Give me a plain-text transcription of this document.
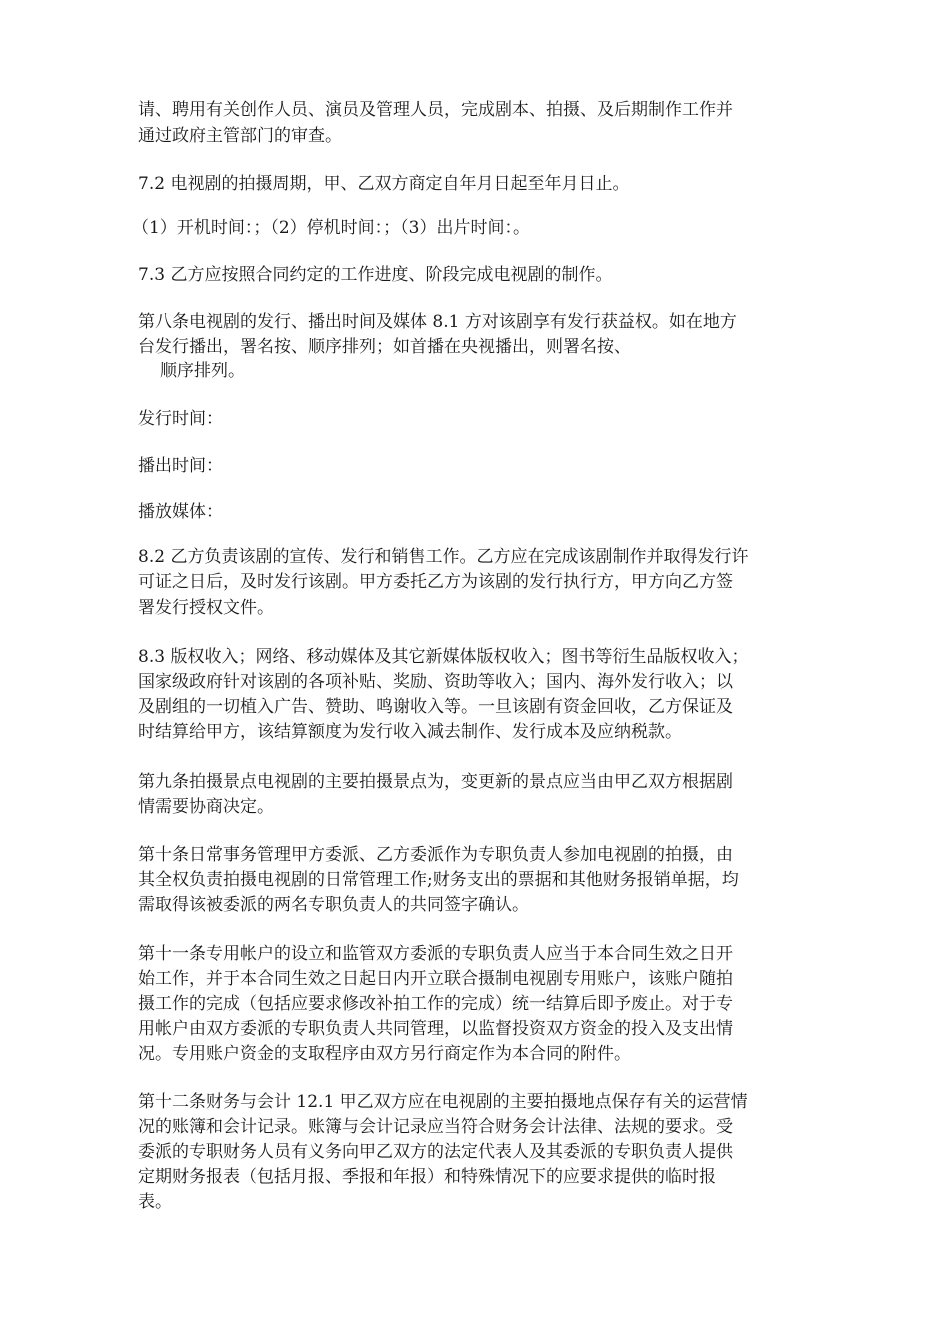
请、聘用有关创作人员、演员及管理人员，完成剧本、拍摄、及后期制作工作并
通过政府主管部门的审查。
7.2 电视剧的拍摄周期，甲、乙双方商定自年月日起至年月日止。
（1）开机时间：；（2）停机时间：；（3）出片时间：。
7.3 乙方应按照合同约定的工作进度、阶段完成电视剧的制作。
第八条电视剧的发行、播出时间及媒体 8.1 方对该剧享有发行获益权。如在地方
台发行播出，署名按、顺序排列；如首播在央视播出，则署名按、
顺序排列。
发行时间：
播出时间：
播放媒体：
8.2 乙方负责该剧的宣传、发行和销售工作。乙方应在完成该剧制作并取得发行许
可证之日后，及时发行该剧。甲方委托乙方为该剧的发行执行方，甲方向乙方签
署发行授权文件。
8.3 版权收入；网络、移动媒体及其它新媒体版权收入；图书等衍生品版权收入；
国家级政府针对该剧的各项补贴、奖励、资助等收入；国内、海外发行收入；以
及剧组的一切植入广告、赞助、鸣谢收入等。一旦该剧有资金回收，乙方保证及
时结算给甲方，该结算额度为发行收入减去制作、发行成本及应纳税款。
第九条拍摄景点电视剧的主要拍摄景点为，变更新的景点应当由甲乙双方根据剧
情需要协商决定。
第十条日常事务管理甲方委派、乙方委派作为专职负责人参加电视剧的拍摄，由
其全权负责拍摄电视剧的日常管理工作;财务支出的票据和其他财务报销单据，均
需取得该被委派的两名专职负责人的共同签字确认。
第十一条专用帐户的设立和监管双方委派的专职负责人应当于本合同生效之日开
始工作，并于本合同生效之日起日内开立联合摄制电视剧专用账户，该账户随拍
摄工作的完成（包括应要求修改补拍工作的完成）统一结算后即予废止。对于专
用帐户由双方委派的专职负责人共同管理，以监督投资双方资金的投入及支出情
况。专用账户资金的支取程序由双方另行商定作为本合同的附件。
第十二条财务与会计 12.1 甲乙双方应在电视剧的主要拍摄地点保存有关的运营情
况的账簿和会计记录。账簿与会计记录应当符合财务会计法律、法规的要求。受
委派的专职财务人员有义务向甲乙双方的法定代表人及其委派的专职负责人提供
定期财务报表（包括月报、季报和年报）和特殊情况下的应要求提供的临时报
表。
